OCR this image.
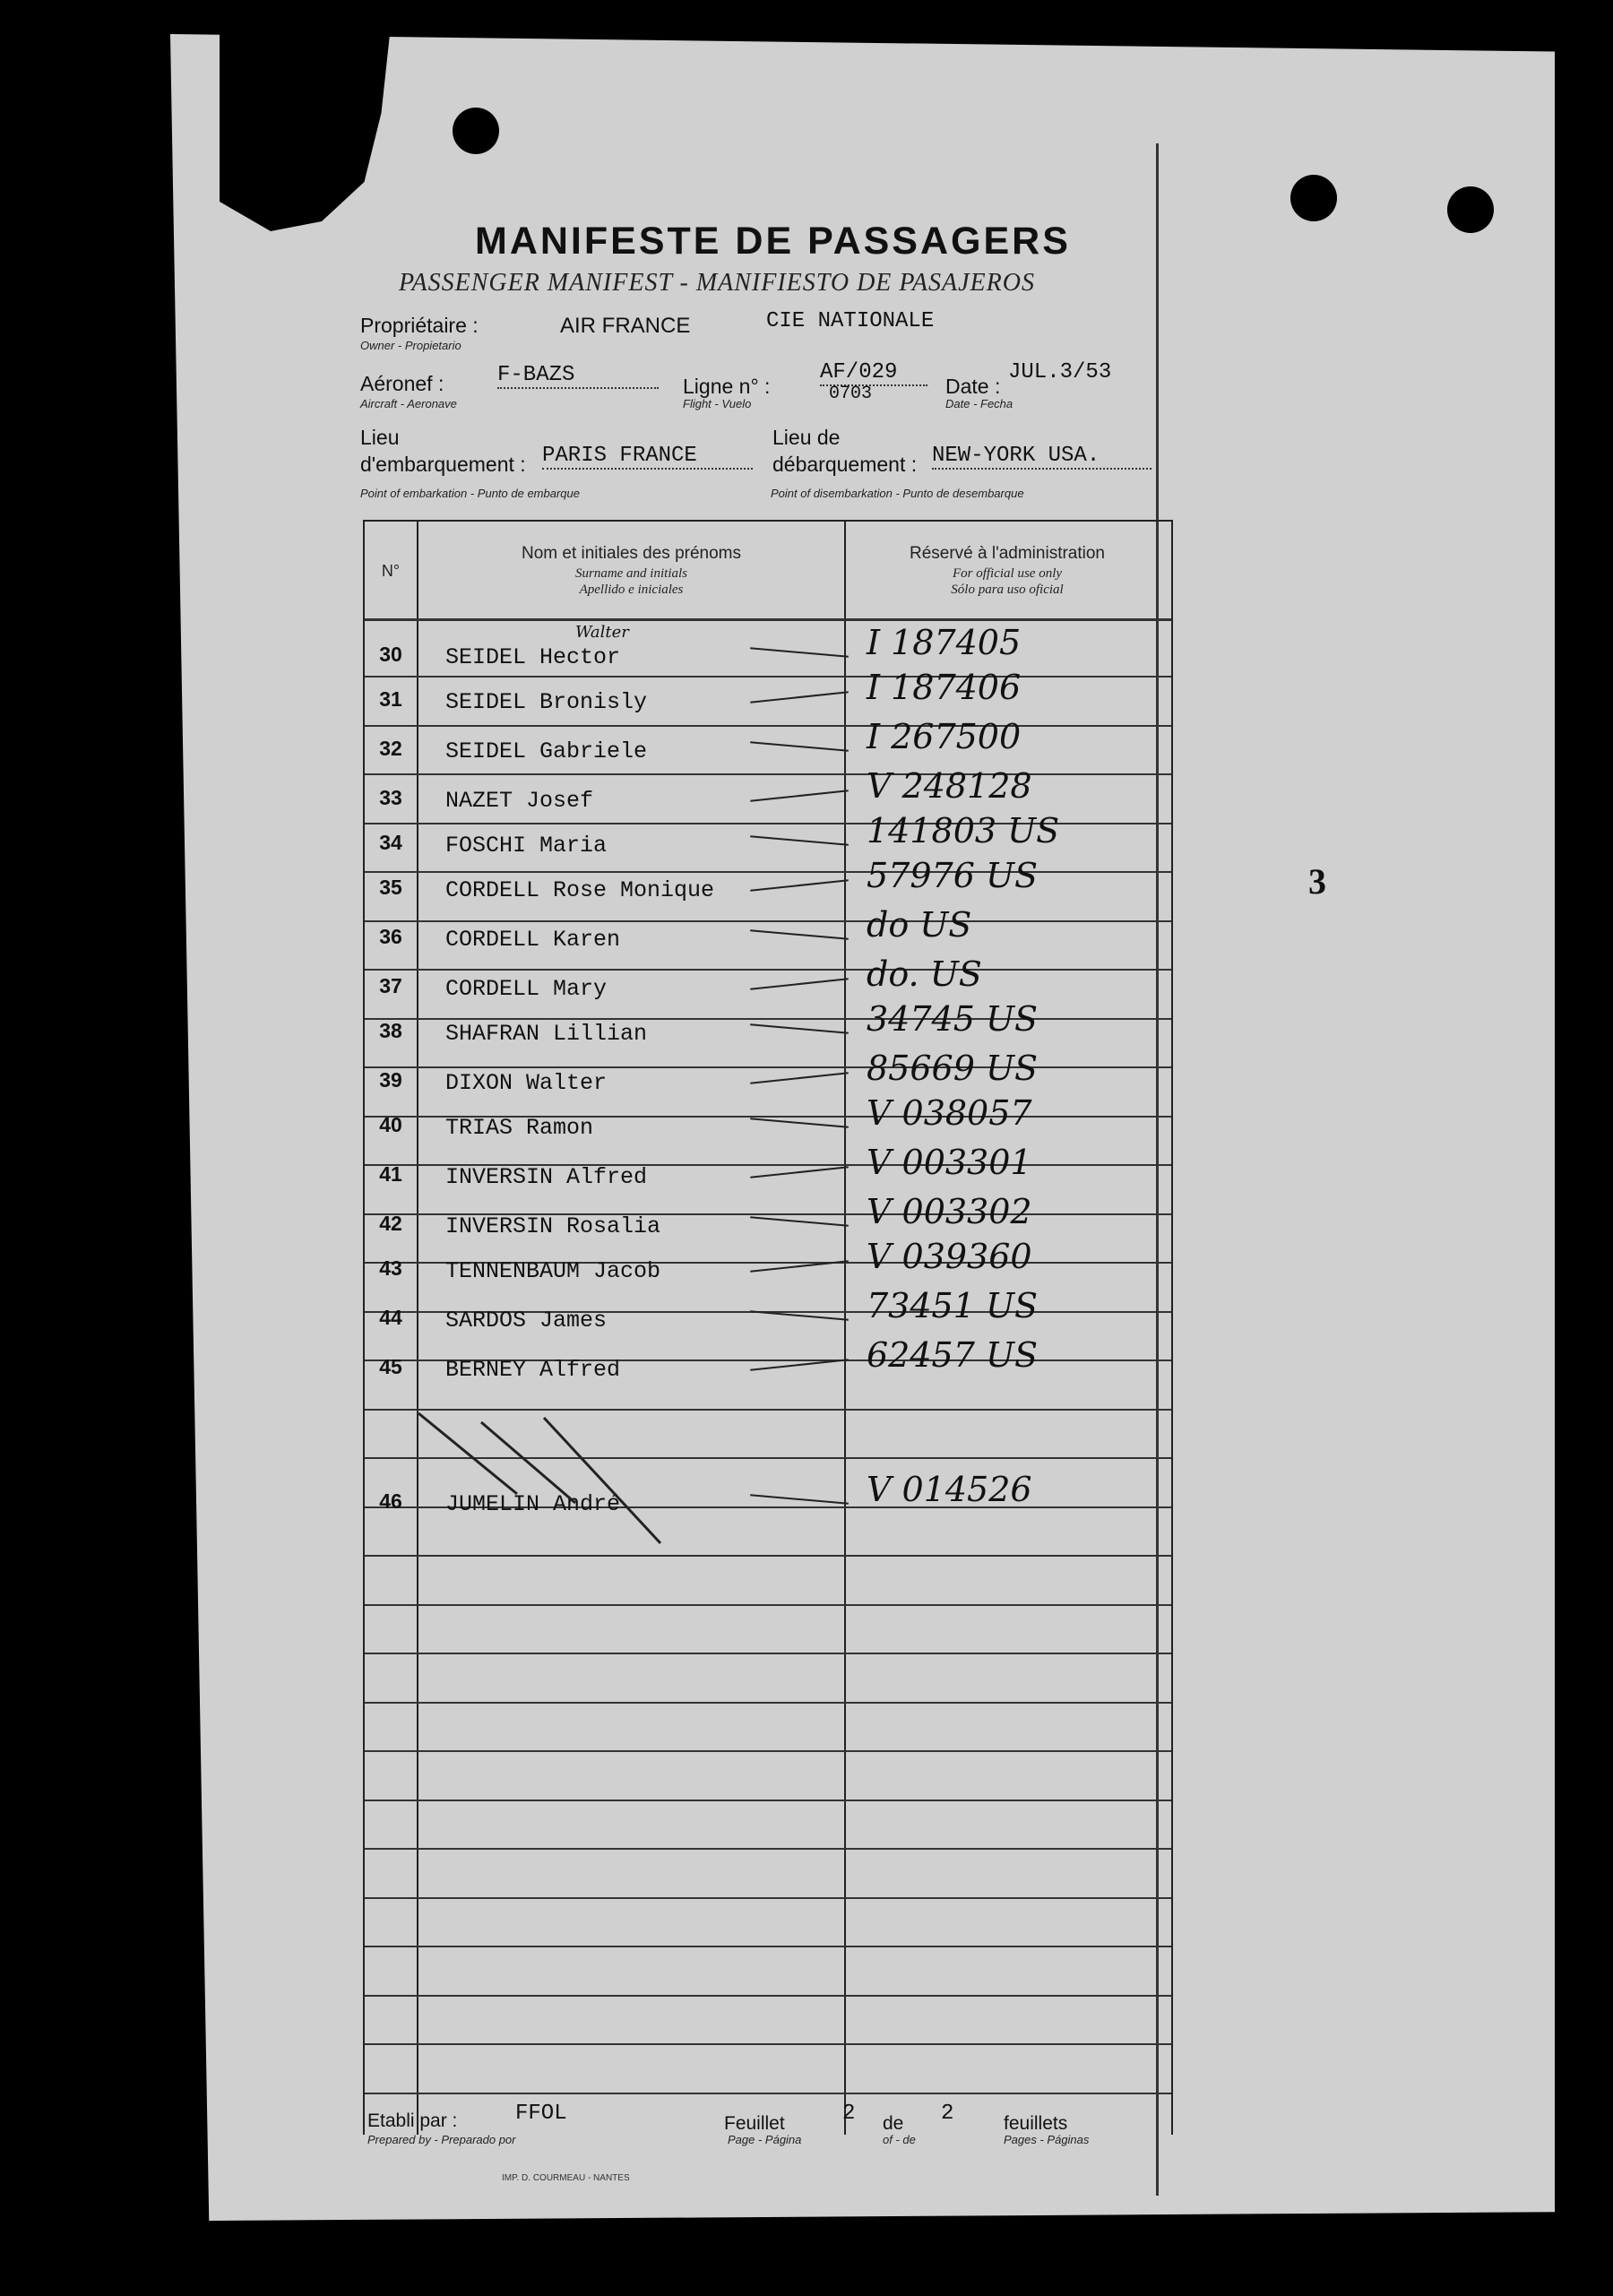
MANIFESTE DE PASSAGERS
PASSENGER MANIFEST - MANIFIESTO DE PASAJEROS
Propriétaire :
Owner - Propietario
AIR FRANCE	CIE NATIONALE
Aéronef :
Aircraft - Aeronave
F-BAZS	Ligne n° :
Flight - Vuelo
AF/029
0703	Date :
Date - Fecha
JUL.3/53
Lieu
d'embarquement :
Point of embarkation - Punto de embarque
PARIS FRANCE
Lieu de
débarquement :
Point of disembarkation - Punto de desembarque
NEW-YORK USA.
N°
Nom et initiales des prénoms
Surname and initials
Apellido e iniciales
Réservé à l'administration
For official use only
Sólo para uso oficial
30	SEIDEL Hector	I 187405
Walter
31	SEIDEL Bronisly	I 187406
32	SEIDEL Gabriele	I 267500
33	NAZET Josef	V 248128
34	FOSCHI Maria	141803 US
35	CORDELL Rose Monique	57976 US
36	CORDELL Karen	do US
37	CORDELL Mary	do. US
38	SHAFRAN Lillian	34745 US
39	DIXON Walter	85669 US
40	TRIAS Ramon	V 038057
41	INVERSIN Alfred	V 003301
42	INVERSIN Rosalia	V 003302
43	TENNENBAUM Jacob	V 039360
44	SARDOS James	73451 US
45	BERNEY Alfred	62457 US
46	JUMELIN André	V 014526
3
Etabli par :
Prepared by - Preparado por
FFOL	Feuillet
Page - Página
2 de
of - de
2	feuillets
Pages - Páginas
IMP. D. COURMEAU - NANTES
